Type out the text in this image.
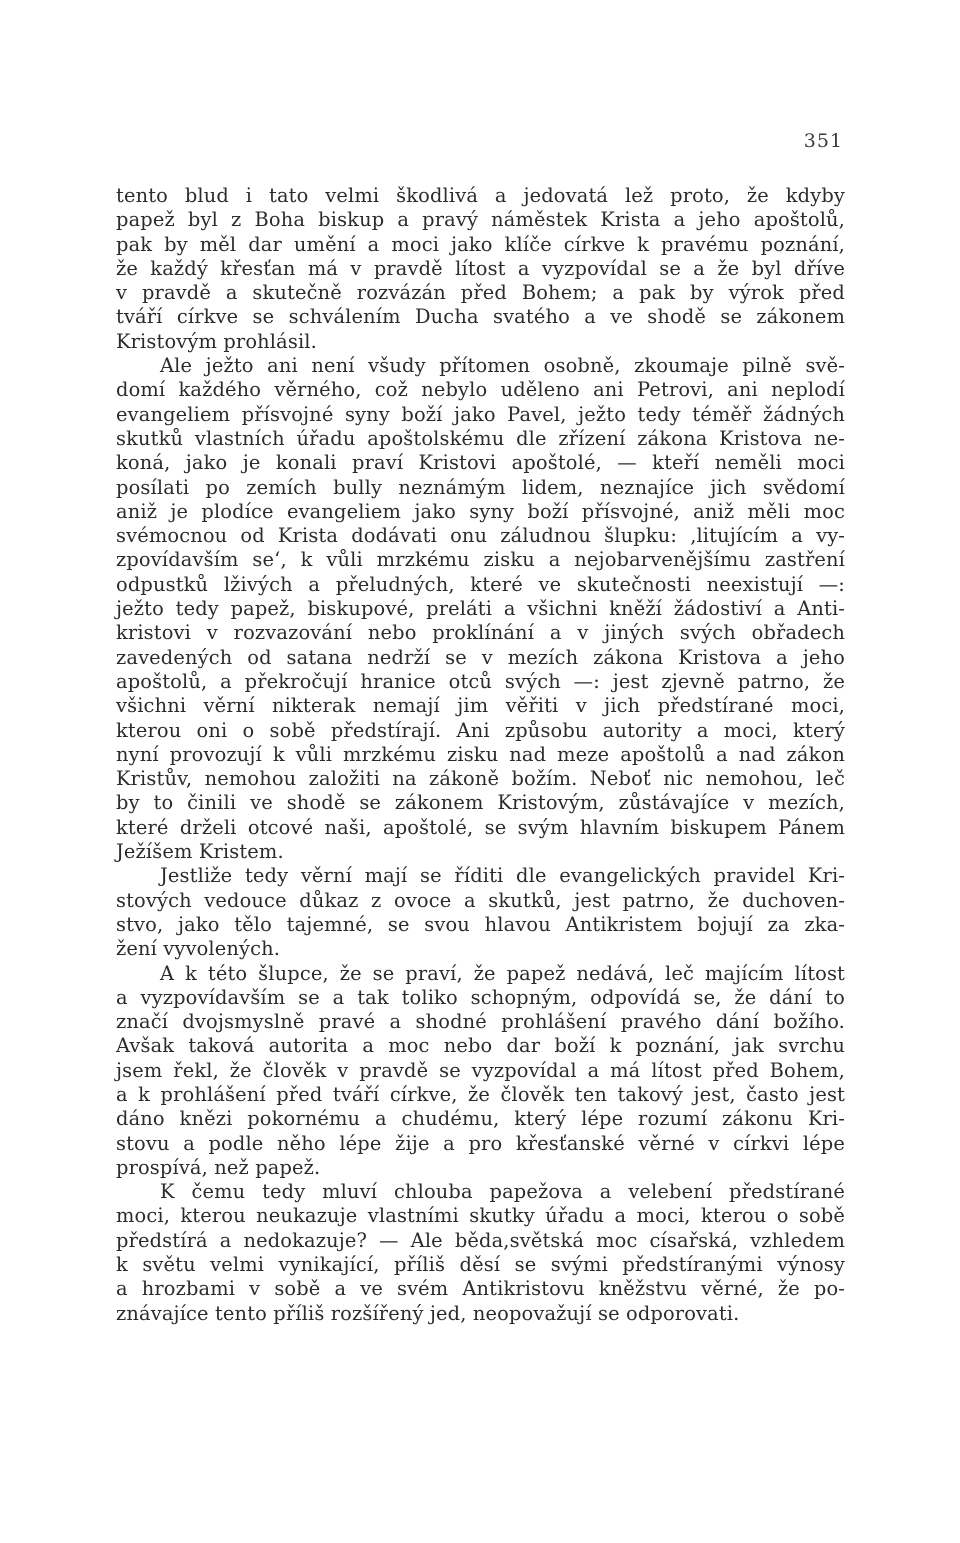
351
tento blud i tato velmi škodlivá a jedovatá lež proto, že kdyby
papež byl z Boha biskup a pravý náměstek Krista a jeho apoštolů,
pak by měl dar umění a moci jako klíče církve k pravému poznání,
že každý křesťan má v pravdě lítost a vyzpovídal se a že byl dříve
v pravdě a skutečně rozvázán před Bohem; a pak by výrok před
tváří církve se schválením Ducha svatého a ve shodě se zákonem
Kristovým prohlásil.
Ale ježto ani není všudy přítomen osobně, zkoumaje pilně svě-
domí každého věrného, což nebylo uděleno ani Petrovi, ani neplodí
evangeliem přísvojné syny boží jako Pavel, ježto tedy téměř žádných
skutků vlastních úřadu apoštolskému dle zřízení zákona Kristova ne-
koná, jako je konali praví Kristovi apoštolé, — kteří neměli moci
posílati po zemích bully neznámým lidem, neznajíce jich svědomí
aniž je plodíce evangeliem jako syny boží přísvojné, aniž měli moc
svémocnou od Krista dodávati onu záludnou šlupku: ‚litujícím a vy-
zpovídavším se‘, k vůli mrzkému zisku a nejobarvenějšímu zastření
odpustků lživých a přeludných, které ve skutečnosti neexistují —:
ježto tedy papež, biskupové, preláti a všichni kněží žádostiví a Anti-
kristovi v rozvazování nebo proklínání a v jiných svých obřadech
zavedených od satana nedrží se v mezích zákona Kristova a jeho
apoštolů, a překročují hranice otců svých —: jest zjevně patrno, že
všichni věrní nikterak nemají jim věřiti v jich předstírané moci,
kterou oni o sobě předstírají. Ani způsobu autority a moci, který
nyní provozují k vůli mrzkému zisku nad meze apoštolů a nad zákon
Kristův, nemohou založiti na zákoně božím. Neboť nic nemohou, leč
by to činili ve shodě se zákonem Kristovým, zůstávajíce v mezích,
které drželi otcové naši, apoštolé, se svým hlavním biskupem Pánem
Ježíšem Kristem.
Jestliže tedy věrní mají se říditi dle evangelických pravidel Kri-
stových vedouce důkaz z ovoce a skutků, jest patrno, že duchoven-
stvo, jako tělo tajemné, se svou hlavou Antikristem bojují za zka-
žení vyvolených.
A k této šlupce, že se praví, že papež nedává, leč majícím lítost
a vyzpovídavším se a tak toliko schopným, odpovídá se, že dání to
značí dvojsmyslně pravé a shodné prohlášení pravého dání božího.
Avšak taková autorita a moc nebo dar boží k poznání, jak svrchu
jsem řekl, že člověk v pravdě se vyzpovídal a má lítost před Bohem,
a k prohlášení před tváří církve, že člověk ten takový jest, často jest
dáno knězi pokornému a chudému, který lépe rozumí zákonu Kri-
stovu a podle něho lépe žije a pro křesťanské věrné v církvi lépe
prospívá, než papež.
K čemu tedy mluví chlouba papežova a velebení předstírané
moci, kterou neukazuje vlastními skutky úřadu a moci, kterou o sobě
předstírá a nedokazuje? — Ale běda,světská moc císařská, vzhledem
k světu velmi vynikající, příliš děsí se svými předstíranými výnosy
a hrozbami v sobě a ve svém Antikristovu kněžstvu věrné, že po-
znávajíce tento příliš rozšířený jed, neopovažují se odporovati.
